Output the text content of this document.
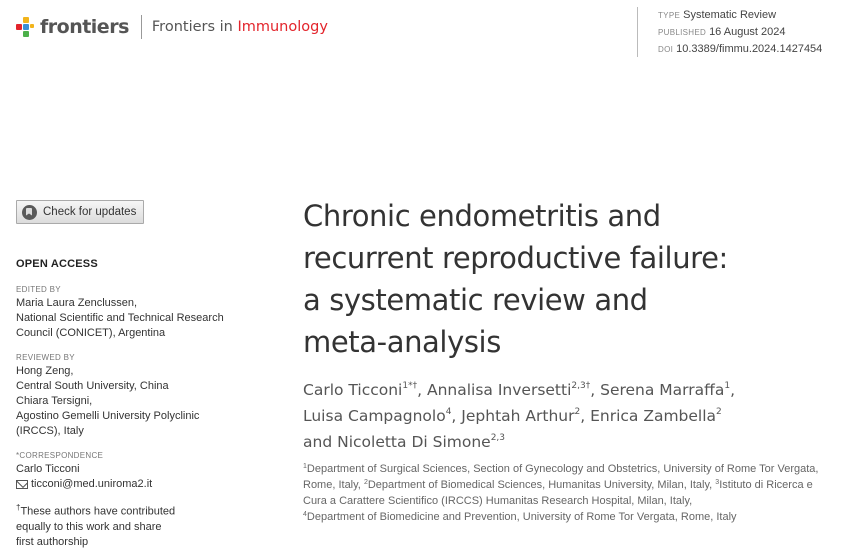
frontiers Frontiers in Immunology
TYPE Systematic Review
PUBLISHED 16 August 2024
DOI 10.3389/fimmu.2024.1427454
Check for updates
OPEN ACCESS
EDITED BY
Maria Laura Zenclussen,
National Scientific and Technical Research
Council (CONICET), Argentina
REVIEWED BY
Hong Zeng,
Central South University, China
Chiara Tersigni,
Agostino Gemelli University Polyclinic
(IRCCS), Italy
*CORRESPONDENCE
Carlo Ticconi
ticconi@med.uniroma2.it
†These authors have contributed
equally to this work and share
first authorship
Chronic endometritis and
recurrent reproductive failure:
a systematic review and
meta-analysis
Carlo Ticconi$^{1*\dagger}$, Annalisa Inversetti$^{2,3\dagger}$, Serena Marraffa$^1$,
Luisa Campagnolo$^4$, Jephtah Arthur$^2$, Enrica Zambella$^2$
and Nicoletta Di Simone$^{2,3}$
$^1$Department of Surgical Sciences, Section of Gynecology and Obstetrics, University of Rome Tor Vergata, Rome, Italy, $^2$Department of Biomedical Sciences, Humanitas University, Milan, Italy, $^3$Istituto di Ricerca e Cura a Carattere Scientifico (IRCCS) Humanitas Research Hospital, Milan, Italy,
$^4$Department of Biomedicine and Prevention, University of Rome Tor Vergata, Rome, Italy
